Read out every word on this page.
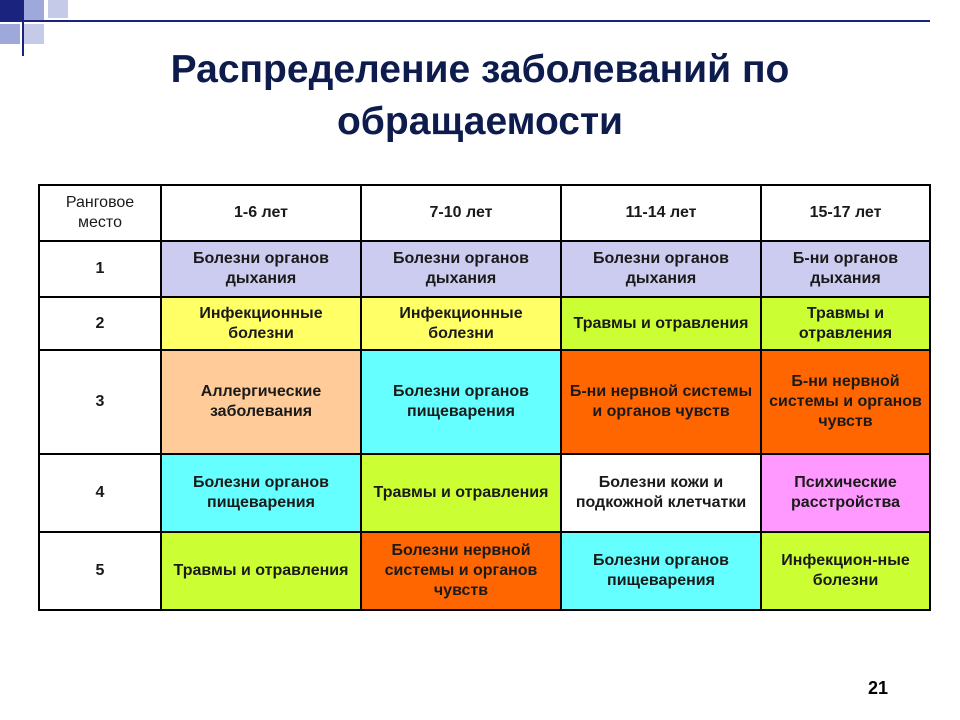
Распределение заболеваний по
обращаемости
Ранговое место	1-6 лет	7-10 лет	11-14 лет	15-17 лет
1	Болезни органов дыхания	Болезни органов дыхания	Болезни органов дыхания	Б-ни органов дыхания
2	Инфекционные болезни	Инфекционные болезни	Травмы и отравления	Травмы и отравления
3	Аллергические заболевания	Болезни органов пищеварения	Б-ни нервной системы и органов чувств	Б-ни нервной системы и органов чувств
4	Болезни органов пищеварения	Травмы и отравления	Болезни кожи и подкожной клетчатки	Психические расстройства
5	Травмы и отравления	Болезни нервной системы и органов чувств	Болезни органов пищеварения	Инфекцион-ные болезни
21
